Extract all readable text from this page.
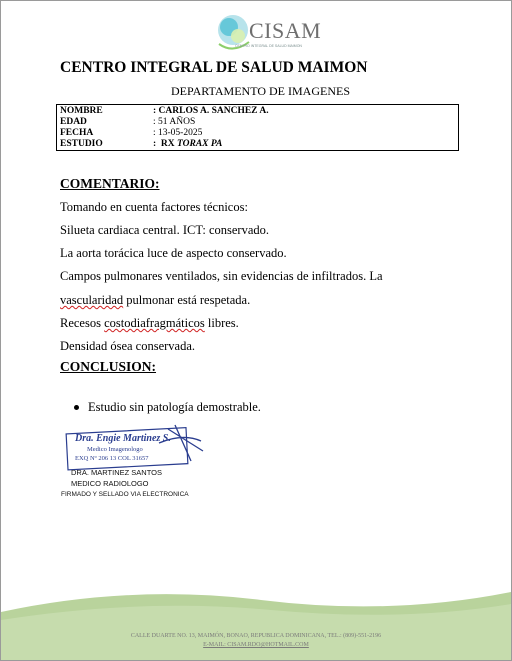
CISAM
CENTRO INTEGRAL DE SALUD MAIMON
CENTRO INTEGRAL DE SALUD MAIMON
DEPARTAMENTO DE IMAGENES
NOMBRE	: CARLOS A. SANCHEZ A.
EDAD	: 51 AÑOS
FECHA	: 13-05-2025
ESTUDIO	:  RX TORAX PA
COMENTARIO:
Tomando en cuenta factores técnicos:
Silueta cardiaca central. ICT: conservado.
La aorta torácica luce de aspecto conservado.
Campos pulmonares ventilados, sin evidencias de infiltrados. La
vascularidad pulmonar está respetada.
Recesos costodiafragmáticos libres.
Densidad ósea conservada.
CONCLUSION:
Estudio sin patología demostrable.
Dra. Engie Martinez S.
Medico Imagenologo
EXQ Nº 206 13 COL 31657
DRA. MARTINEZ SANTOS
MEDICO RADIOLOGO
FIRMADO Y SELLADO VIA ELECTRONICA
CALLE DUARTE NO. 13, MAIMÓN, BONAO, REPUBLICA DOMINICANA, TEL.: (809)-551-2196
E-MAIL: CISAM.RDO@HOTMAIL.COM
